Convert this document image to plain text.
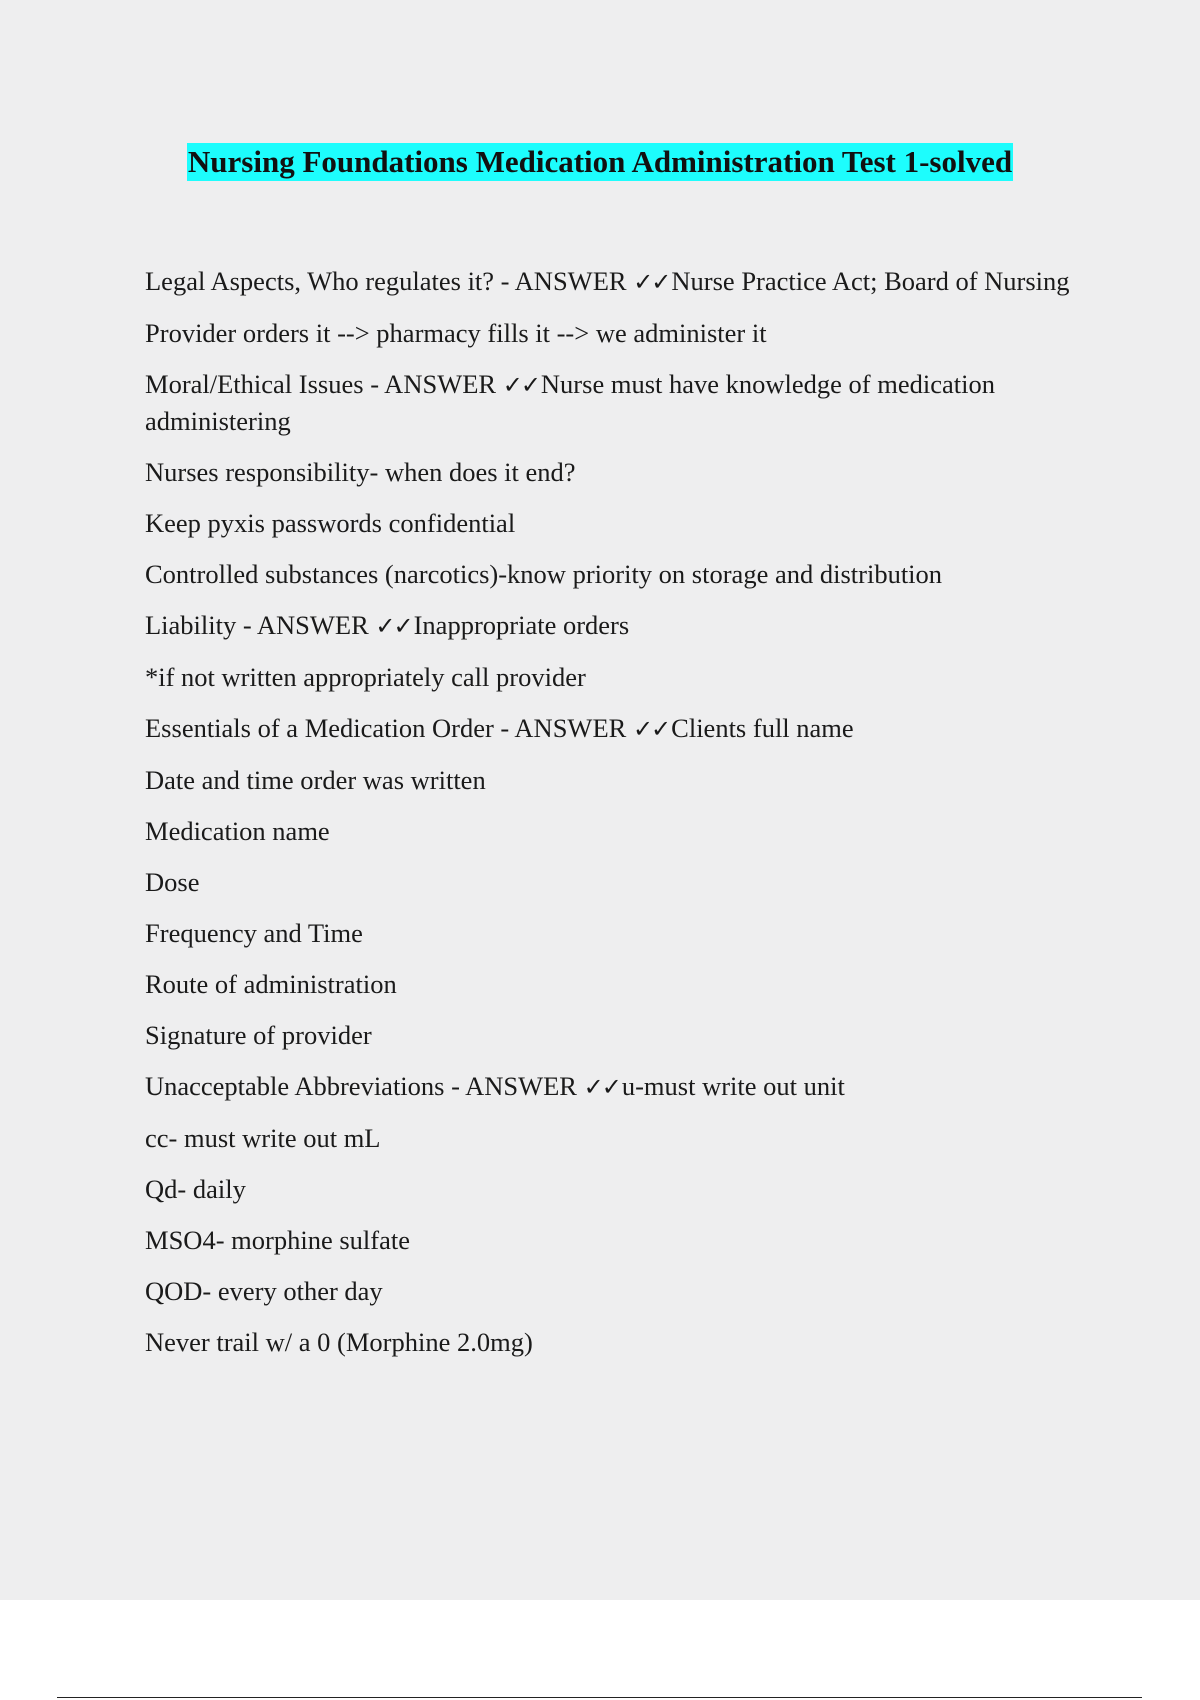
Nursing Foundations Medication Administration Test 1-solved
Legal Aspects, Who regulates it? - ANSWER ✓✓Nurse Practice Act; Board of Nursing
Provider orders it --> pharmacy fills it --> we administer it
Moral/Ethical Issues - ANSWER ✓✓Nurse must have knowledge of medication administering
Nurses responsibility- when does it end?
Keep pyxis passwords confidential
Controlled substances (narcotics)-know priority on storage and distribution
Liability - ANSWER ✓✓Inappropriate orders
*if not written appropriately call provider
Essentials of a Medication Order - ANSWER ✓✓Clients full name
Date and time order was written
Medication name
Dose
Frequency and Time
Route of administration
Signature of provider
Unacceptable Abbreviations - ANSWER ✓✓u-must write out unit
cc- must write out mL
Qd- daily
MSO4- morphine sulfate
QOD- every other day
Never trail w/ a 0 (Morphine 2.0mg)
